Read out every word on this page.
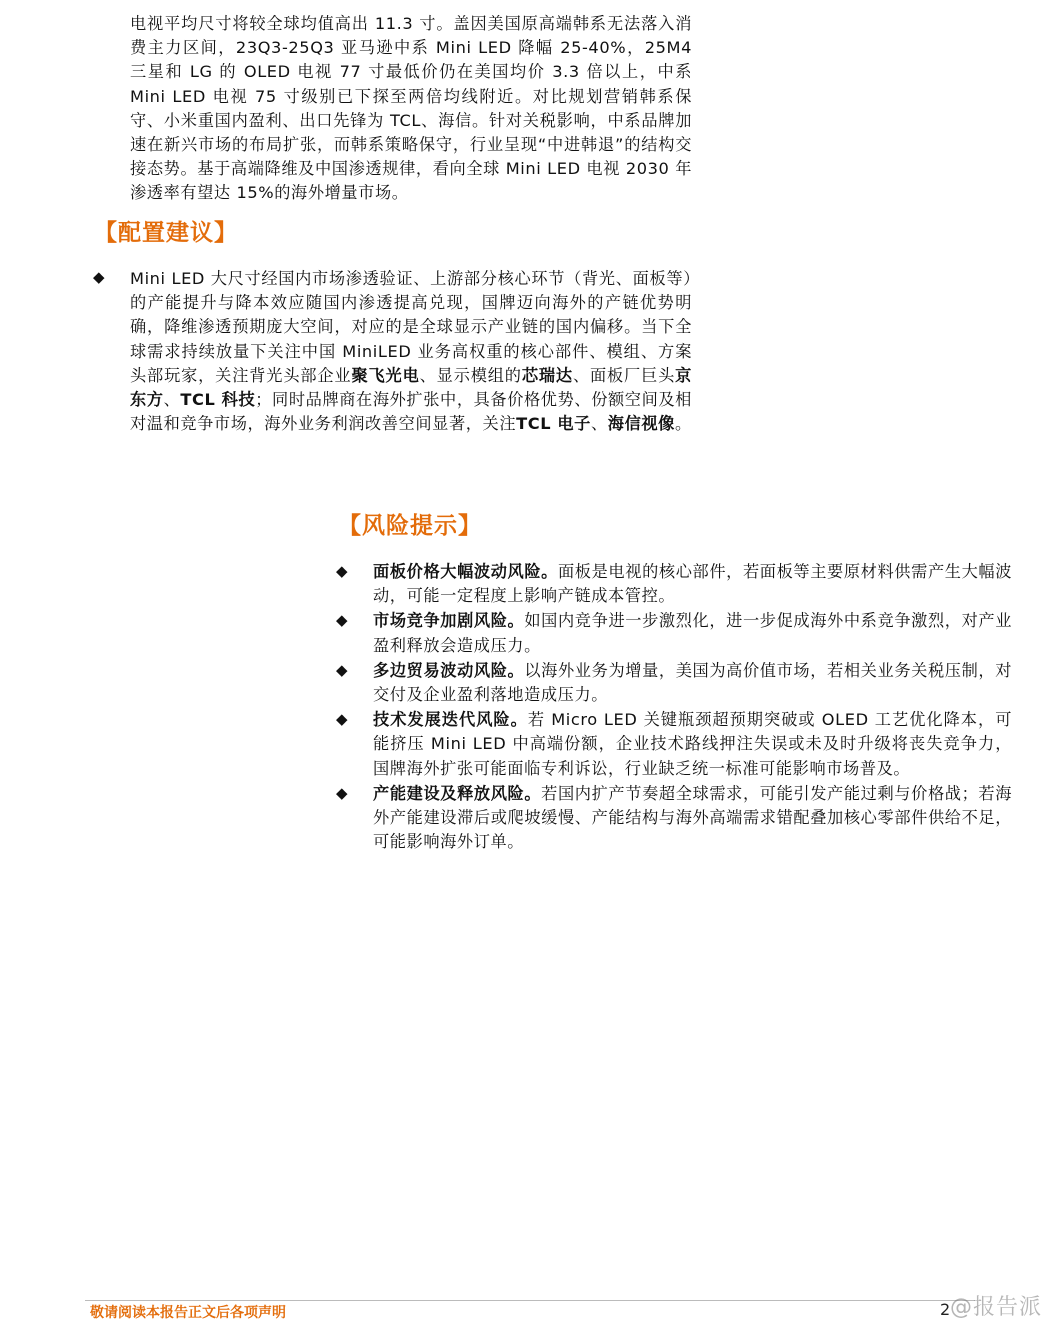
电视平均尺寸将较全球均值高出 11.3 寸。盖因美国原高端韩系无法落入消费主力区间，23Q3-25Q3 亚马逊中系 Mini LED 降幅 25-40%，25M4 三星和 LG 的 OLED 电视 77 寸最低价仍在美国均价 3.3 倍以上，中系 Mini LED 电视 75 寸级别已下探至两倍均线附近。对比规划营销韩系保守、小米重国内盈利、出口先锋为 TCL、海信。针对关税影响，中系品牌加速在新兴市场的布局扩张，而韩系策略保守，行业呈现“中进韩退”的结构交接态势。基于高端降维及中国渗透规律，看向全球 Mini LED 电视 2030 年渗透率有望达 15%的海外增量市场。

【配置建议】
◆ Mini LED 大尺寸经国内市场渗透验证、上游部分核心环节（背光、面板等）的产能提升与降本效应随国内渗透提高兑现，国牌迈向海外的产链优势明确，降维渗透预期庞大空间，对应的是全球显示产业链的国内偏移。当下全球需求持续放量下关注中国 MiniLED 业务高权重的核心部件、模组、方案头部玩家，关注背光头部企业聚飞光电、显示模组的芯瑞达、面板厂巨头京东方、TCL 科技；同时品牌商在海外扩张中，具备价格优势、份额空间及相对温和竞争市场，海外业务利润改善空间显著，关注TCL 电子、海信视像。

【风险提示】
◆ 面板价格大幅波动风险。面板是电视的核心部件，若面板等主要原材料供需产生大幅波动，可能一定程度上影响产链成本管控。

◆ 市场竞争加剧风险。如国内竞争进一步激烈化，进一步促成海外中系竞争激烈，对产业盈利释放会造成压力。

◆ 多边贸易波动风险。以海外业务为增量，美国为高价值市场，若相关业务关税压制，对交付及企业盈利落地造成压力。

◆ 技术发展迭代风险。若 Micro LED 关键瓶颈超预期突破或 OLED 工艺优化降本，可能挤压 Mini LED 中高端份额，企业技术路线押注失误或未及时升级将丧失竞争力，国牌海外扩张可能面临专利诉讼，行业缺乏统一标准可能影响市场普及。

◆ 产能建设及释放风险。若国内扩产节奏超全球需求，可能引发产能过剩与价格战；若海外产能建设滞后或爬坡缓慢、产能结构与海外高端需求错配叠加核心零部件供给不足，可能影响海外订单。

敬请阅读本报告正文后各项声明	2 @报告派
